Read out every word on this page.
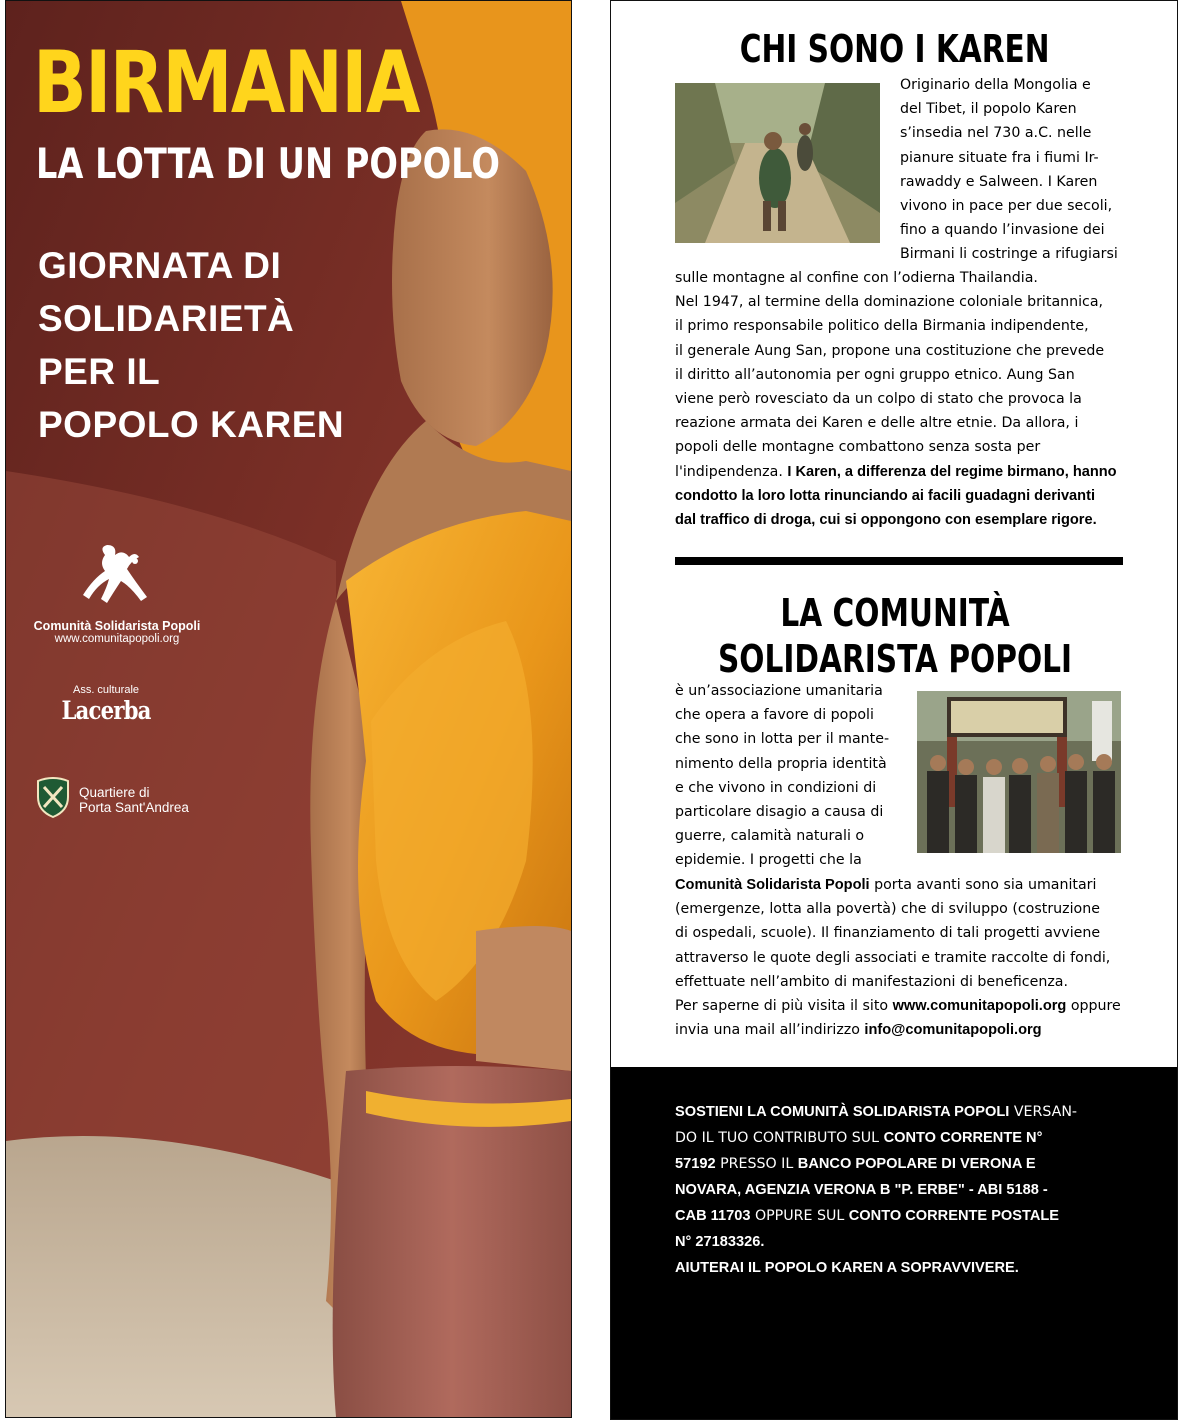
BIRMANIA
LA LOTTA DI UN POPOLO
GIORNATA DI
SOLIDARIETÀ
PER IL
POPOLO KAREN
Comunità Solidarista Popoli
www.comunitapopoli.org
Ass. culturale
Lacerba
Quartiere di
Porta Sant'Andrea
CHI SONO I KAREN
Originario della Mongolia e
del Tibet, il popolo Karen
s’insedia nel 730 a.C. nelle
pianure situate fra i fiumi Ir-
rawaddy e Salween. I Karen
vivono in pace per due secoli,
fino a quando l’invasione dei
Birmani li costringe a rifugiarsi
sulle montagne al confine con l’odierna Thailandia.
Nel 1947, al termine della dominazione coloniale britannica,
il primo responsabile politico della Birmania indipendente,
il generale Aung San, propone una costituzione che prevede
il diritto all’autonomia per ogni gruppo etnico. Aung San
viene però rovesciato da un colpo di stato che provoca la
reazione armata dei Karen e delle altre etnie. Da allora, i
popoli delle montagne combattono senza sosta per
l'indipendenza. I Karen, a differenza del regime birmano, hanno
condotto la loro lotta rinunciando ai facili guadagni derivanti
dal traffico di droga, cui si oppongono con esemplare rigore.
LA COMUNITÀ
SOLIDARISTA POPOLI
è un’associazione umanitaria
che opera a favore di popoli
che sono in lotta per il mante-
nimento della propria identità
e che vivono in condizioni di
particolare disagio a causa di
guerre, calamità naturali o
epidemie. I progetti che la
Comunità Solidarista Popoli porta avanti sono sia umanitari
(emergenze, lotta alla povertà) che di sviluppo (costruzione
di ospedali, scuole). Il finanziamento di tali progetti avviene
attraverso le quote degli associati e tramite raccolte di fondi,
effettuate nell’ambito di manifestazioni di beneficenza.
Per saperne di più visita il sito www.comunitapopoli.org oppure
invia una mail all’indirizzo info@comunitapopoli.org
SOSTIENI LA COMUNITÀ SOLIDARISTA POPOLI VERSAN-
DO IL TUO CONTRIBUTO SUL CONTO CORRENTE N°
57192 PRESSO IL BANCO POPOLARE DI VERONA E
NOVARA, AGENZIA VERONA B "P. ERBE" - ABI 5188 -
CAB 11703 OPPURE SUL CONTO CORRENTE POSTALE
N° 27183326.
AIUTERAI IL POPOLO KAREN A SOPRAVVIVERE.
